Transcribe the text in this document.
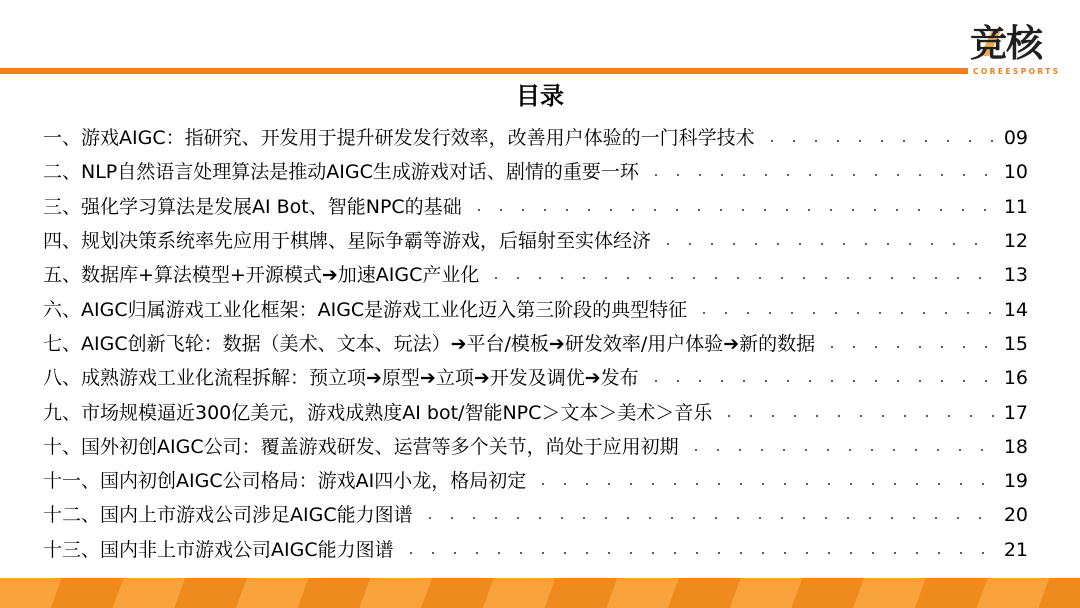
竞核
COREESPORTS
目录
一、游戏AIGC：指研究、开发用于提升研发发行效率，改善用户体验的一门科学技术	09
二、NLP自然语言处理算法是推动AIGC生成游戏对话、剧情的重要一环	10
三、强化学习算法是发展AI Bot、智能NPC的基础	11
四、规划决策系统率先应用于棋牌、星际争霸等游戏，后辐射至实体经济	12
五、数据库+算法模型+开源模式➔加速AIGC产业化	13
六、AIGC归属游戏工业化框架：AIGC是游戏工业化迈入第三阶段的典型特征	14
七、AIGC创新飞轮：数据（美术、文本、玩法）➔平台/模板➔研发效率/用户体验➔新的数据	15
八、成熟游戏工业化流程拆解：预立项➔原型➔立项➔开发及调优➔发布	16
九、市场规模逼近300亿美元，游戏成熟度AI bot/智能NPC＞文本＞美术＞音乐	17
十、国外初创AIGC公司：覆盖游戏研发、运营等多个关节，尚处于应用初期	18
十一、国内初创AIGC公司格局：游戏AI四小龙，格局初定	19
十二、国内上市游戏公司涉足AIGC能力图谱	20
十三、国内非上市游戏公司AIGC能力图谱	21
